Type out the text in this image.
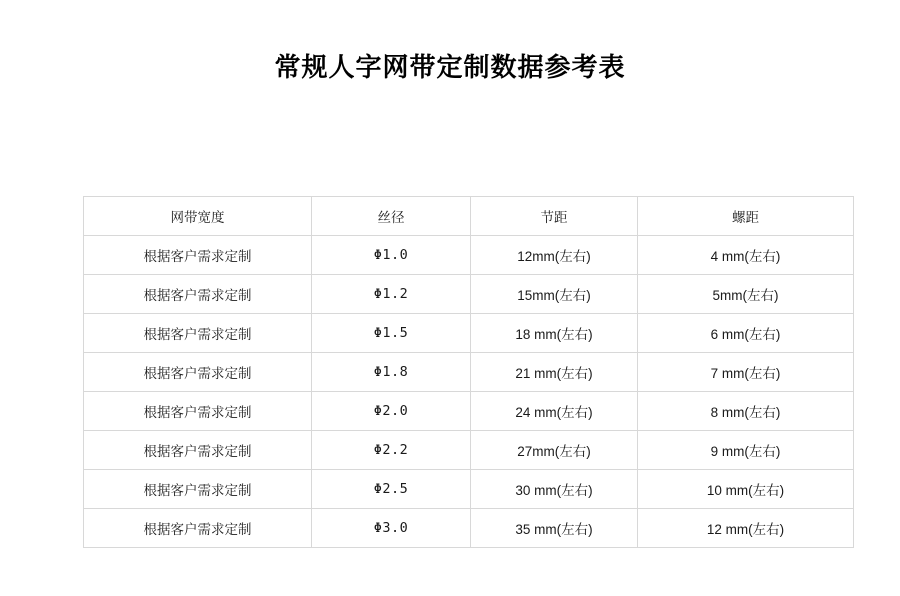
常规人字网带定制数据参考表
网带宽度	丝径	节距	螺距
根据客户需求定制	Φ1.0	12mm(左右)	4 mm(左右)
根据客户需求定制	Φ1.2	15mm(左右)	5mm(左右)
根据客户需求定制	Φ1.5	18 mm(左右)	6 mm(左右)
根据客户需求定制	Φ1.8	21 mm(左右)	7 mm(左右)
根据客户需求定制	Φ2.0	24 mm(左右)	8 mm(左右)
根据客户需求定制	Φ2.2	27mm(左右)	9 mm(左右)
根据客户需求定制	Φ2.5	30 mm(左右)	10 mm(左右)
根据客户需求定制	Φ3.0	35 mm(左右)	12 mm(左右)
